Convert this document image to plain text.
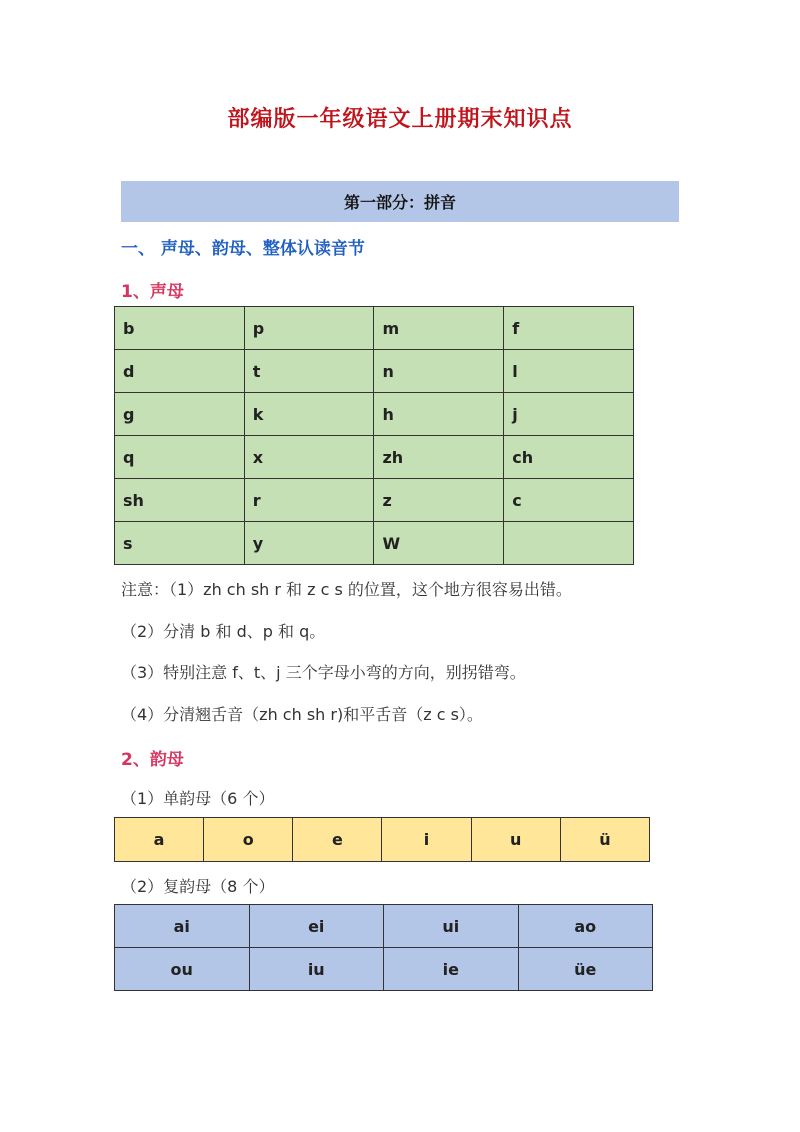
部编版一年级语文上册期末知识点
第一部分：拼音
一、 声母、韵母、整体认读音节
1、声母
b	p	m	f
d	t	n	l
g	k	h	j
q	x	zh	ch
sh	r	z	c
s	y	W	
注意：（1）zh ch sh r 和 z c s 的位置，这个地方很容易出错。
（2）分清 b 和 d、p 和 q。
（3）特别注意 f、t、j 三个字母小弯的方向，别拐错弯。
（4）分清翘舌音（zh ch sh r)和平舌音（z c s）。
2、韵母
（1）单韵母（6 个）
a	o	e	i	u	ü
（2）复韵母（8 个）
ai	ei	ui	ao
ou	iu	ie	üe
